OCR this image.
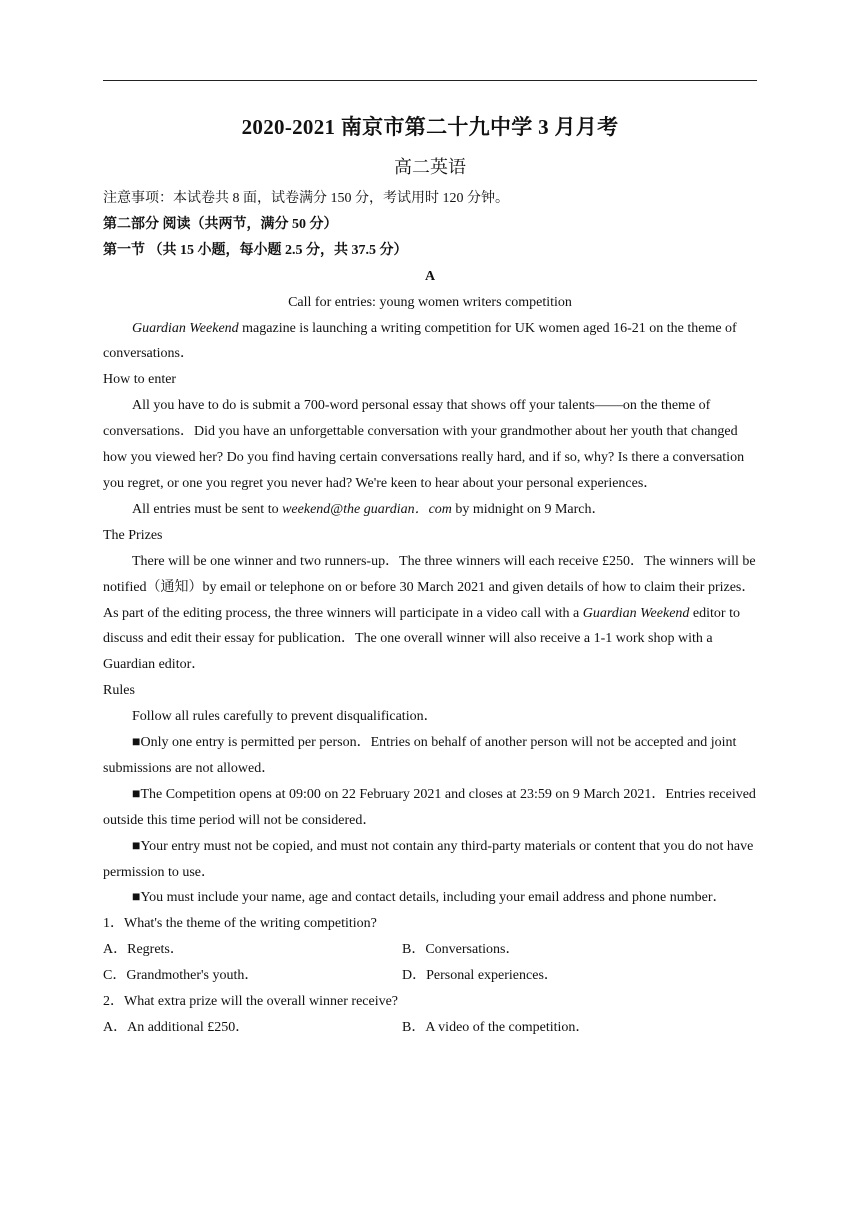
2020-2021 南京市第二十九中学 3 月月考
高二英语

注意事项：本试卷共 8 面，试卷满分 150 分，考试用时 120 分钟。

第二部分 阅读（共两节，满分 50 分）

第一节 （共 15 小题，每小题 2.5 分，共 37.5 分）

A

Call for entries: young women writers competition

Guardian Weekend magazine is launching a writing competition for UK women aged 16-21 on the theme of conversations．

How to enter

All you have to do is submit a 700-word personal essay that shows off your talents——on the theme of conversations．Did you have an unforgettable conversation with your grandmother about her youth that changed how you viewed her? Do you find having certain conversations really hard, and if so, why? Is there a conversation you regret, or one you regret you never had? We're keen to hear about your personal experiences．

All entries must be sent to weekend@the guardian．com by midnight on 9 March．

The Prizes

There will be one winner and two runners-up．The three winners will each receive £250．The winners will be notified（通知）by email or telephone on or before 30 March 2021 and given details of how to claim their prizes．As part of the editing process, the three winners will participate in a video call with a Guardian Weekend editor to discuss and edit their essay for publication．The one overall winner will also receive a 1-1 work shop with a Guardian editor．

Rules

Follow all rules carefully to prevent disqualification．

■Only one entry is permitted per person．Entries on behalf of another person will not be accepted and joint submissions are not allowed．

■The Competition opens at 09:00 on 22 February 2021 and closes at 23:59 on 9 March 2021．Entries received outside this time period will not be considered．

■Your entry must not be copied, and must not contain any third-party materials or content that you do not have permission to use．

■You must include your name, age and contact details, including your email address and phone number．

1．What's the theme of the writing competition?

A．Regrets．	B．Conversations．
C．Grandmother's youth．	D．Personal experiences．

2．What extra prize will the overall winner receive?

A．An additional £250．	B．A video of the competition．
